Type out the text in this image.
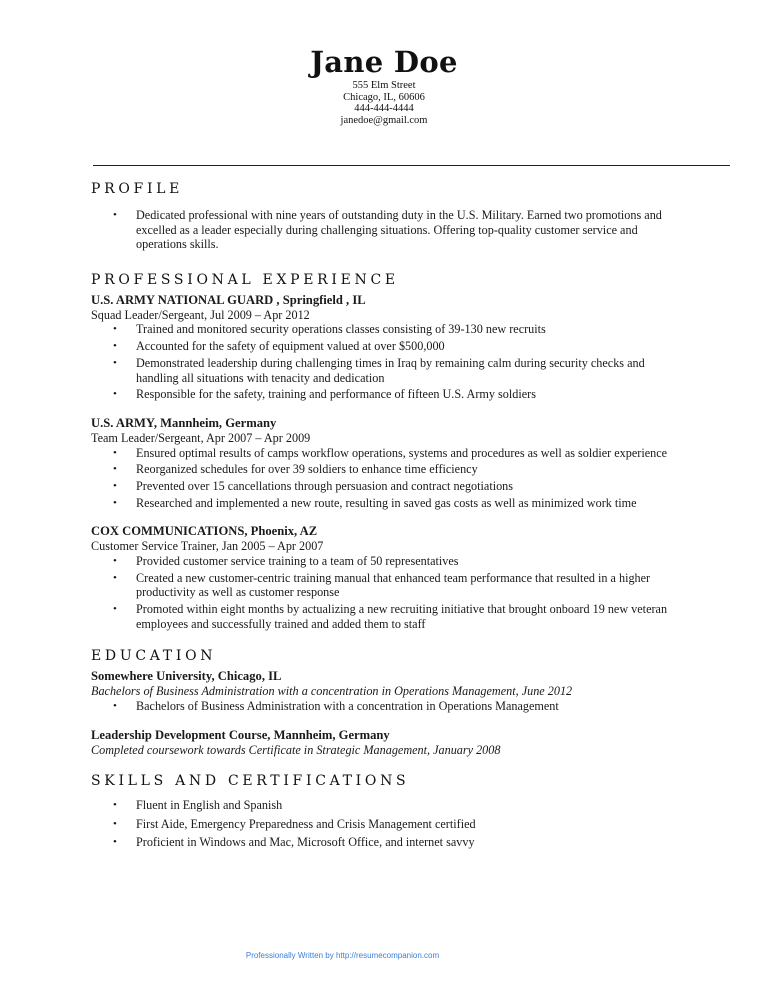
Jane Doe
555 Elm Street
Chicago, IL, 60606
444-444-4444
janedoe@gmail.com
PROFILE
• Dedicated professional with nine years of outstanding duty in the U.S. Military. Earned two promotions and excelled as a leader especially during challenging situations. Offering top-quality customer service and operations skills.
PROFESSIONAL EXPERIENCE
U.S. ARMY NATIONAL GUARD , Springfield , IL
Squad Leader/Sergeant, Jul 2009 – Apr 2012
• Trained and monitored security operations classes consisting of 39-130 new recruits
• Accounted for the safety of equipment valued at over $500,000
• Demonstrated leadership during challenging times in Iraq by remaining calm during security checks and handling all situations with tenacity and dedication
• Responsible for the safety, training and performance of fifteen U.S. Army soldiers
U.S. ARMY, Mannheim, Germany
Team Leader/Sergeant, Apr 2007 – Apr 2009
• Ensured optimal results of camps workflow operations, systems and procedures as well as soldier experience
• Reorganized schedules for over 39 soldiers to enhance time efficiency
• Prevented over 15 cancellations through persuasion and contract negotiations
• Researched and implemented a new route, resulting in saved gas costs as well as minimized work time
COX COMMUNICATIONS, Phoenix, AZ
Customer Service Trainer, Jan 2005 – Apr 2007
• Provided customer service training to a team of 50 representatives
• Created a new customer-centric training manual that enhanced team performance that resulted in a higher productivity as well as customer response
• Promoted within eight months by actualizing a new recruiting initiative that brought onboard 19 new veteran employees and successfully trained and added them to staff
EDUCATION
Somewhere University, Chicago, IL
Bachelors of Business Administration with a concentration in Operations Management, June 2012
• Bachelors of Business Administration with a concentration in Operations Management
Leadership Development Course, Mannheim, Germany
Completed coursework towards Certificate in Strategic Management, January 2008
SKILLS AND CERTIFICATIONS
• Fluent in English and Spanish
• First Aide, Emergency Preparedness and Crisis Management certified
• Proficient in Windows and Mac, Microsoft Office, and internet savvy
Professionally Written by http://resumecompanion.com
